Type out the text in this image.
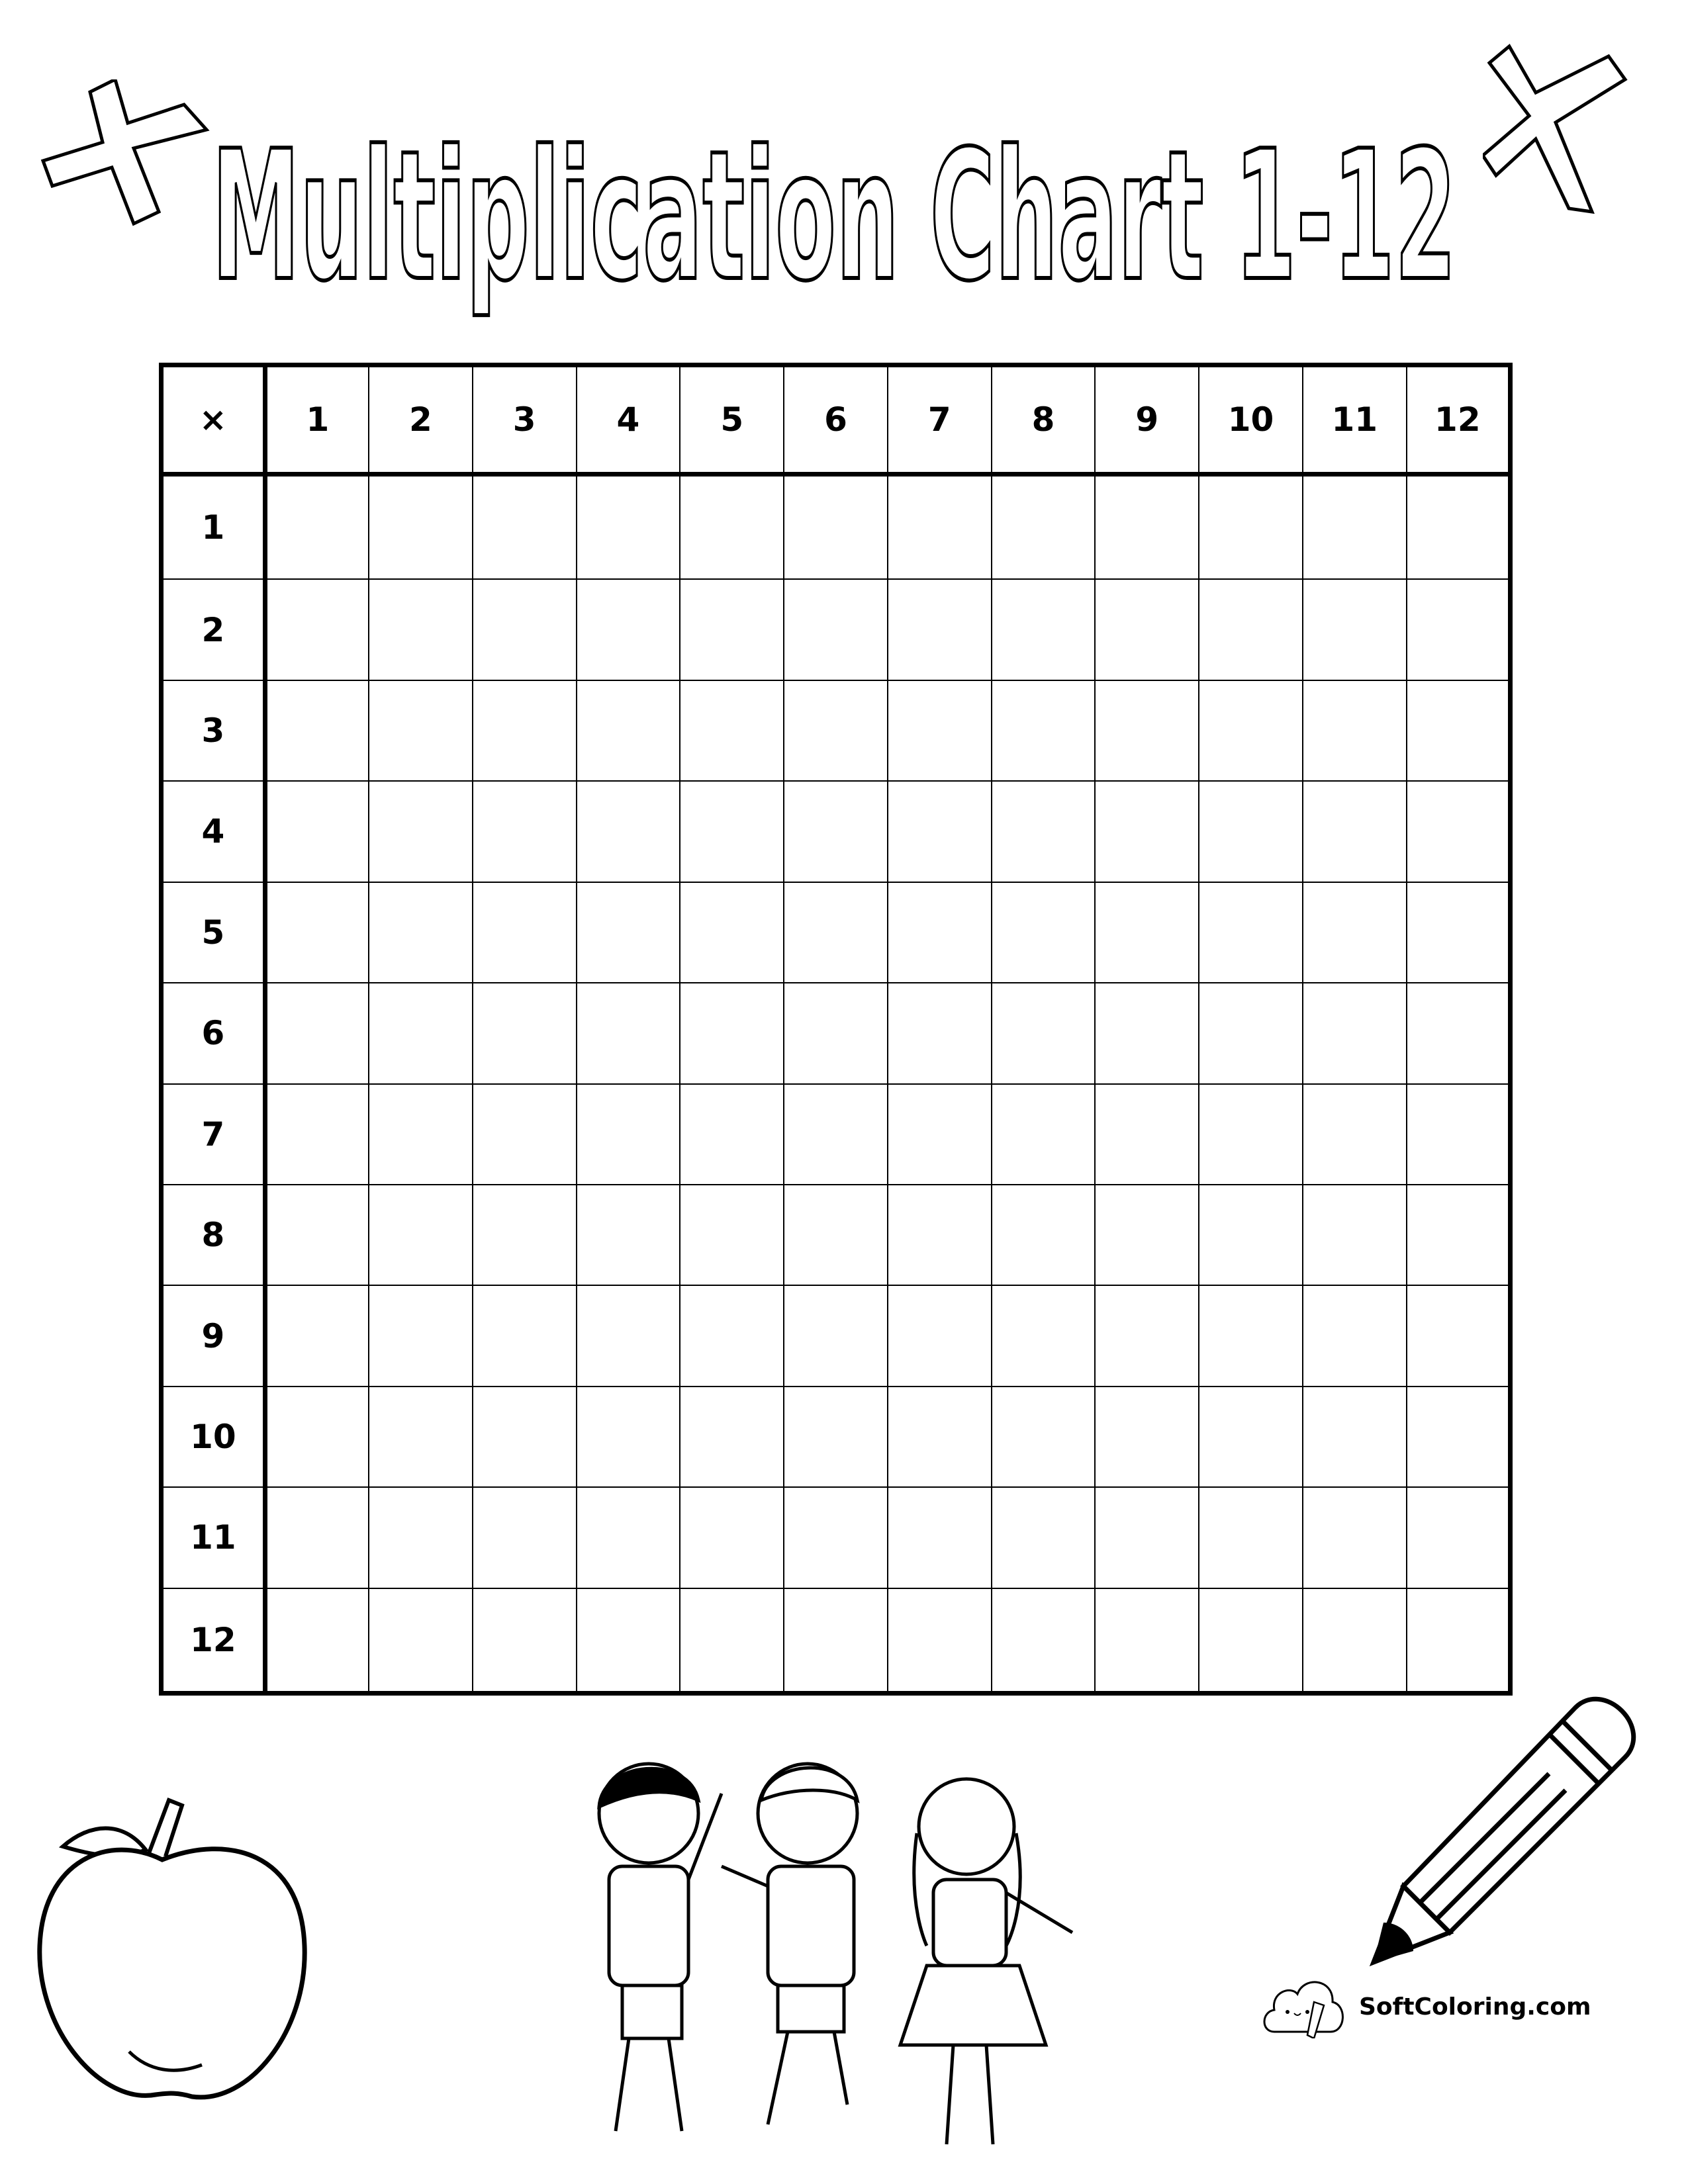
Multiplication Chart 1-12
×	1	2	3	4	5	6	7	8	9	10	11	12
1												
2												
3												
4												
5												
6												
7												
8												
9												
10												
11												
12												
SoftColoring.com
